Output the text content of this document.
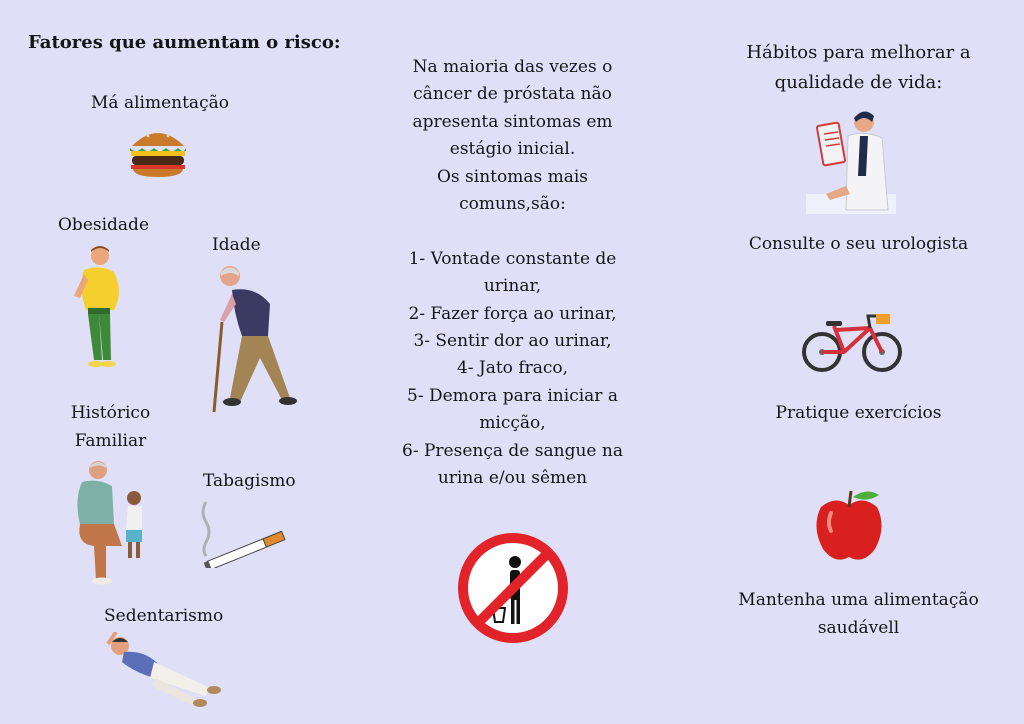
Fatores que aumentam o risco:
Má alimentação
Obesidade
Idade
Histórico
Familiar
Tabagismo
Sedentarismo
Na maioria das vezes o
câncer de próstata não
apresenta sintomas em
estágio inicial.
Os sintomas mais
comuns,são:

1- Vontade constante de
urinar,
2- Fazer força ao urinar,
3- Sentir dor ao urinar,
4- Jato fraco,
5- Demora para iniciar a
micção,
6- Presença de sangue na
urina e/ou sêmen
Hábitos para melhorar a
qualidade de vida:
Consulte o seu urologista
Pratique exercícios
Mantenha uma alimentação
saudávell
